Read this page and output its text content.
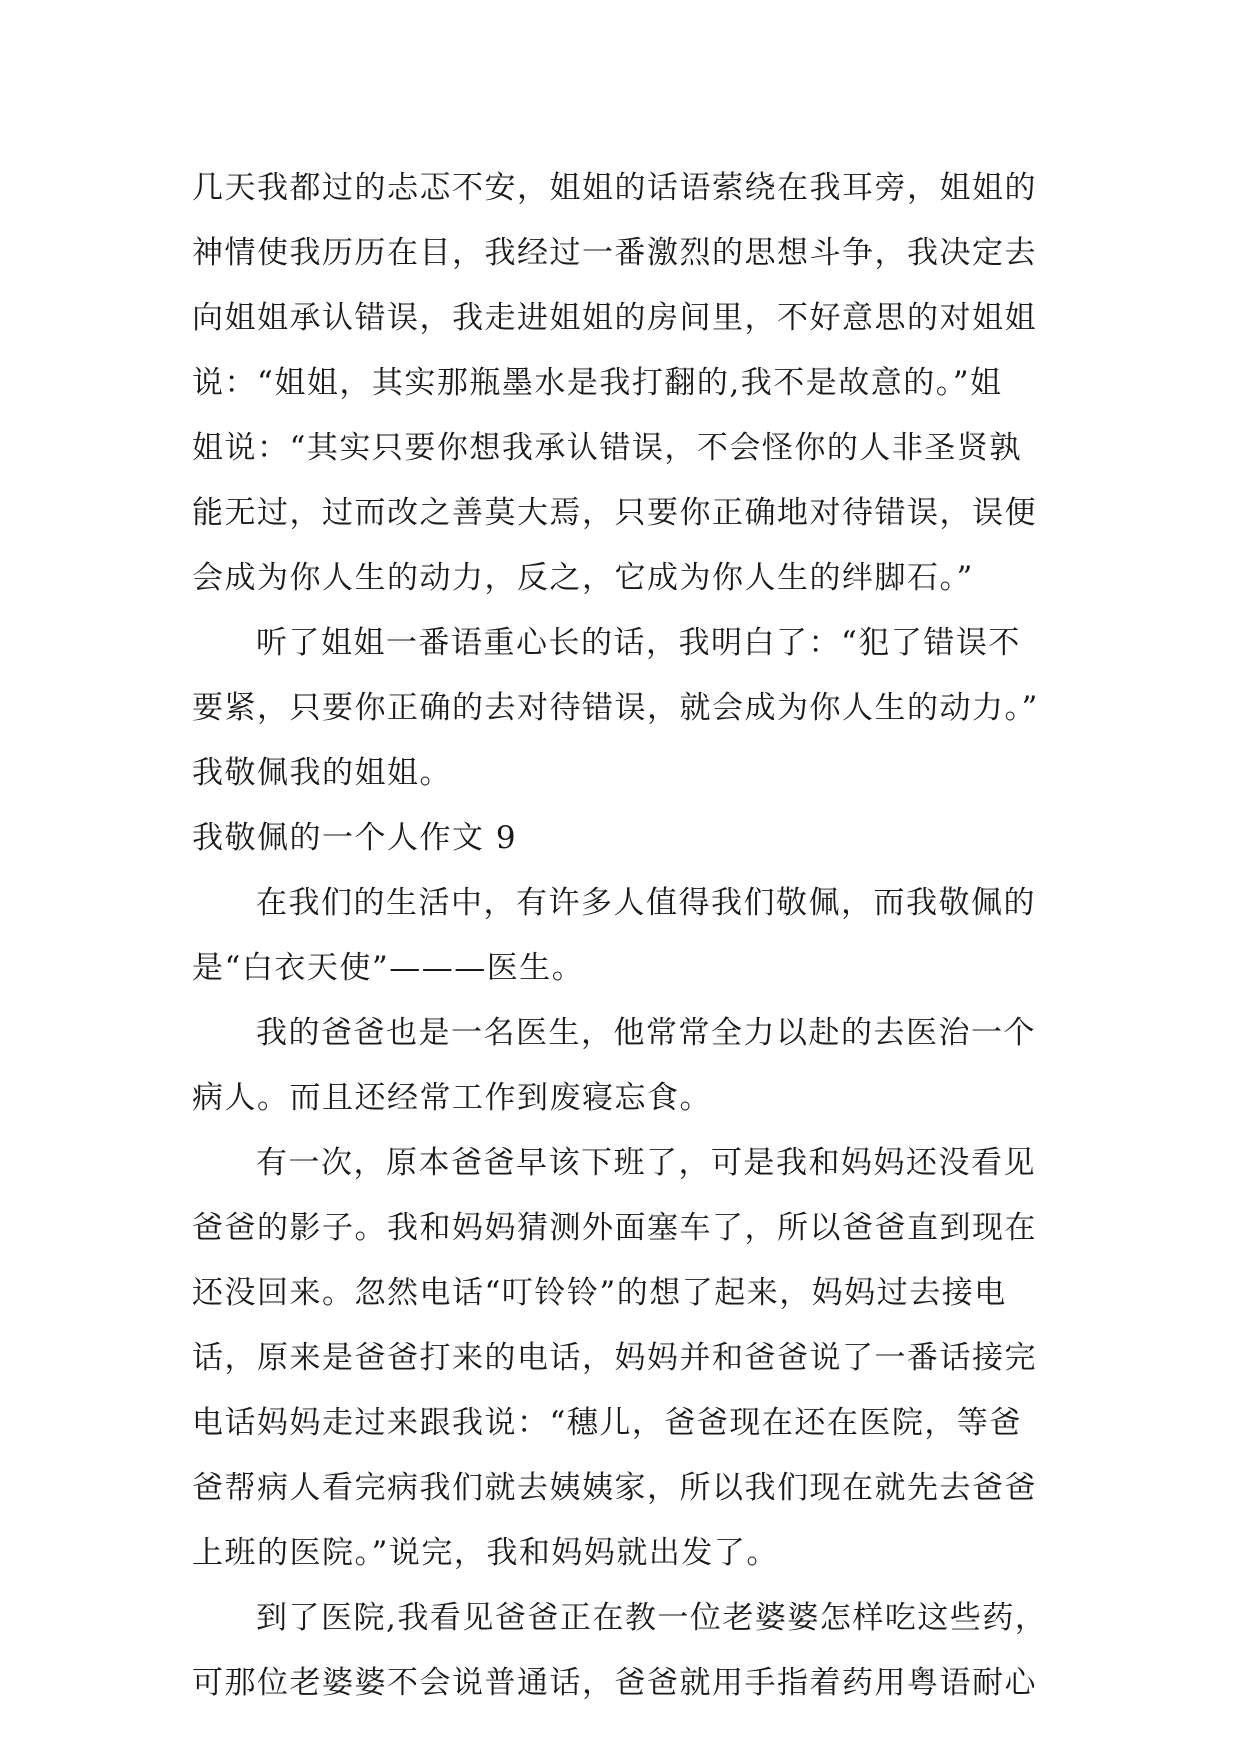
几天我都过的忐忑不安，姐姐的话语萦绕在我耳旁，姐姐的
神情使我历历在目，我经过一番激烈的思想斗争，我决定去
向姐姐承认错误，我走进姐姐的房间里，不好意思的对姐姐
说：“姐姐，其实那瓶墨水是我打翻的,我不是故意的。”姐
姐说：“其实只要你想我承认错误，不会怪你的人非圣贤孰
能无过，过而改之善莫大焉，只要你正确地对待错误，误便
会成为你人生的动力，反之，它成为你人生的绊脚石。”
听了姐姐一番语重心长的话，我明白了：“犯了错误不
要紧，只要你正确的去对待错误，就会成为你人生的动力。”
我敬佩我的姐姐。
我敬佩的一个人作文 9
在我们的生活中，有许多人值得我们敬佩，而我敬佩的
是“白衣天使”———医生。
我的爸爸也是一名医生，他常常全力以赴的去医治一个
病人。而且还经常工作到废寝忘食。
有一次，原本爸爸早该下班了，可是我和妈妈还没看见
爸爸的影子。我和妈妈猜测外面塞车了，所以爸爸直到现在
还没回来。忽然电话“叮铃铃”的想了起来，妈妈过去接电
话，原来是爸爸打来的电话，妈妈并和爸爸说了一番话接完
电话妈妈走过来跟我说：“穗儿，爸爸现在还在医院，等爸
爸帮病人看完病我们就去姨姨家，所以我们现在就先去爸爸
上班的医院。”说完，我和妈妈就出发了。
到了医院,我看见爸爸正在教一位老婆婆怎样吃这些药，
可那位老婆婆不会说普通话，爸爸就用手指着药用粤语耐心
